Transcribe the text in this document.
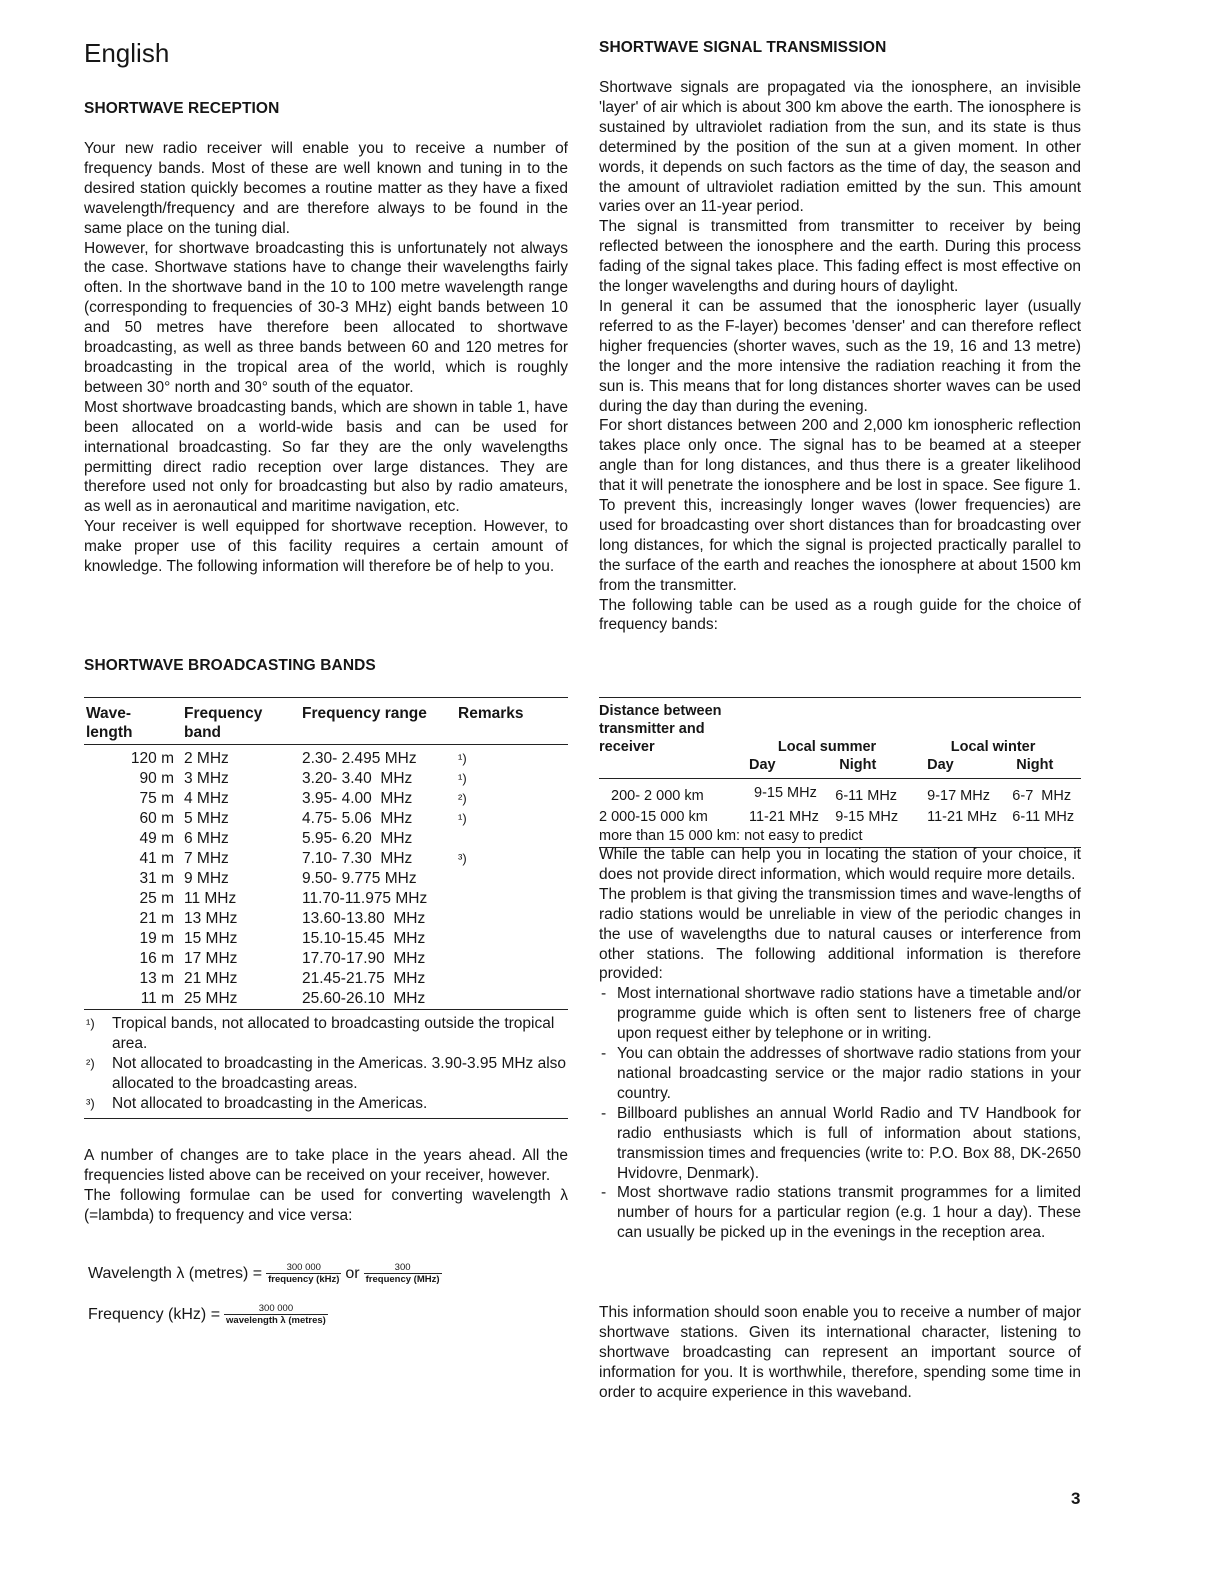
English
SHORTWAVE RECEPTION

Your new radio receiver will enable you to receive a number of frequency bands. Most of these are well known and tuning in to the desired station quickly becomes a routine matter as they have a fixed wavelength/frequency and are therefore always to be found in the same place on the tuning dial.

However, for shortwave broadcasting this is unfortunately not always the case. Shortwave stations have to change their wavelengths fairly often. In the shortwave band in the 10 to 100 metre wavelength range (corresponding to frequencies of 30-3 MHz) eight bands between 10 and 50 metres have therefore been allocated to shortwave broadcasting, as well as three bands between 60 and 120 metres for broadcasting in the tropical area of the world, which is roughly between 30° north and 30° south of the equator.

Most shortwave broadcasting bands, which are shown in table 1, have been allocated on a world-wide basis and can be used for international broadcasting. So far they are the only wavelengths permitting direct radio reception over large distances. They are therefore used not only for broadcasting but also by radio amateurs, as well as in aeronautical and maritime navigation, etc.

Your receiver is well equipped for shortwave reception. However, to make proper use of this facility requires a certain amount of knowledge. The following information will therefore be of help to you.

SHORTWAVE BROADCASTING BANDS
Wave-
length	Frequency
band	Frequency range	Remarks
120 m	2 MHz	2.30- 2.495 MHz	¹)
90 m	3 MHz	3.20- 3.40  MHz	¹)
75 m	4 MHz	3.95- 4.00  MHz	²)
60 m	5 MHz	4.75- 5.06  MHz	¹)
49 m	6 MHz	5.95- 6.20  MHz	
41 m	7 MHz	7.10- 7.30  MHz	³)
31 m	9 MHz	9.50- 9.775 MHz	
25 m	11 MHz	11.70-11.975 MHz	
21 m	13 MHz	13.60-13.80  MHz	
19 m	15 MHz	15.10-15.45  MHz	
16 m	17 MHz	17.70-17.90  MHz	
13 m	21 MHz	21.45-21.75  MHz	
11 m	25 MHz	25.60-26.10  MHz	
¹) Tropical bands, not allocated to broadcasting outside the tropical area.
²) Not allocated to broadcasting in the Americas. 3.90-3.95 MHz also allocated to the broadcasting areas.
³) Not allocated to broadcasting in the Americas.

A number of changes are to take place in the years ahead. All the frequencies listed above can be received on your receiver, however.

The following formulae can be used for converting wavelength λ (=lambda) to frequency and vice versa:

Wavelength λ (metres) = $\frac{300 000}{\text{frequency (kHz)}}$ or $\frac{300}{\text{frequency (MHz)}}$
Frequency $(kHz) = \frac{300 000}{\text{wavelength λ (metres)}}$
SHORTWAVE SIGNAL TRANSMISSION

Shortwave signals are propagated via the ionosphere, an invisible 'layer' of air which is about 300 km above the earth. The ionosphere is sustained by ultraviolet radiation from the sun, and its state is thus determined by the position of the sun at a given moment. In other words, it depends on such factors as the time of day, the season and the amount of ultraviolet radiation emitted by the sun. This amount varies over an 11-year period.

The signal is transmitted from transmitter to receiver by being reflected between the ionosphere and the earth. During this process fading of the signal takes place. This fading effect is most effective on the longer wavelengths and during hours of daylight.

In general it can be assumed that the ionospheric layer (usually referred to as the F-layer) becomes 'denser' and can therefore reflect higher frequencies (shorter waves, such as the 19, 16 and 13 metre) the longer and the more intensive the radiation reaching it from the sun is. This means that for long distances shorter waves can be used during the day than during the evening.

For short distances between 200 and 2,000 km ionospheric reflection takes place only once. The signal has to be beamed at a steeper angle than for long distances, and thus there is a greater likelihood that it will penetrate the ionosphere and be lost in space. See figure 1. To prevent this, increasingly longer waves (lower frequencies) are used for broadcasting over short distances than for broadcasting over long distances, for which the signal is projected practically parallel to the surface of the earth and reaches the ionosphere at about 1500 km from the transmitter.

The following table can be used as a rough guide for the choice of frequency bands:

Distance between transmitter and receiver	Local summer		Local winter	
	Day	Night	Day	Night
200- 2 000 km	9-15 MHz	6-11 MHz	9-17 MHz	6-7  MHz
2 000-15 000 km	11-21 MHz	9-15 MHz	11-21 MHz	6-11 MHz
more than 15 000 km: not easy to predict

While the table can help you in locating the station of your choice, it does not provide direct information, which would require more details.

The problem is that giving the transmission times and wave-lengths of radio stations would be unreliable in view of the periodic changes in the use of wavelengths due to natural causes or interference from other stations. The following additional information is therefore provided:

- Most international shortwave radio stations have a timetable and/or programme guide which is often sent to listeners free of charge upon request either by telephone or in writing.
- You can obtain the addresses of shortwave radio stations from your national broadcasting service or the major radio stations in your country.
- Billboard publishes an annual World Radio and TV Handbook for radio enthusiasts which is full of information about stations, transmission times and frequencies (write to: P.O. Box 88, DK-2650 Hvidovre, Denmark).
- Most shortwave radio stations transmit programmes for a limited number of hours for a particular region (e.g. 1 hour a day). These can usually be picked up in the evenings in the reception area.

This information should soon enable you to receive a number of major shortwave stations. Given its international character, listening to shortwave broadcasting can represent an important source of information for you. It is worthwhile, therefore, spending some time in order to acquire experience in this waveband.

3
